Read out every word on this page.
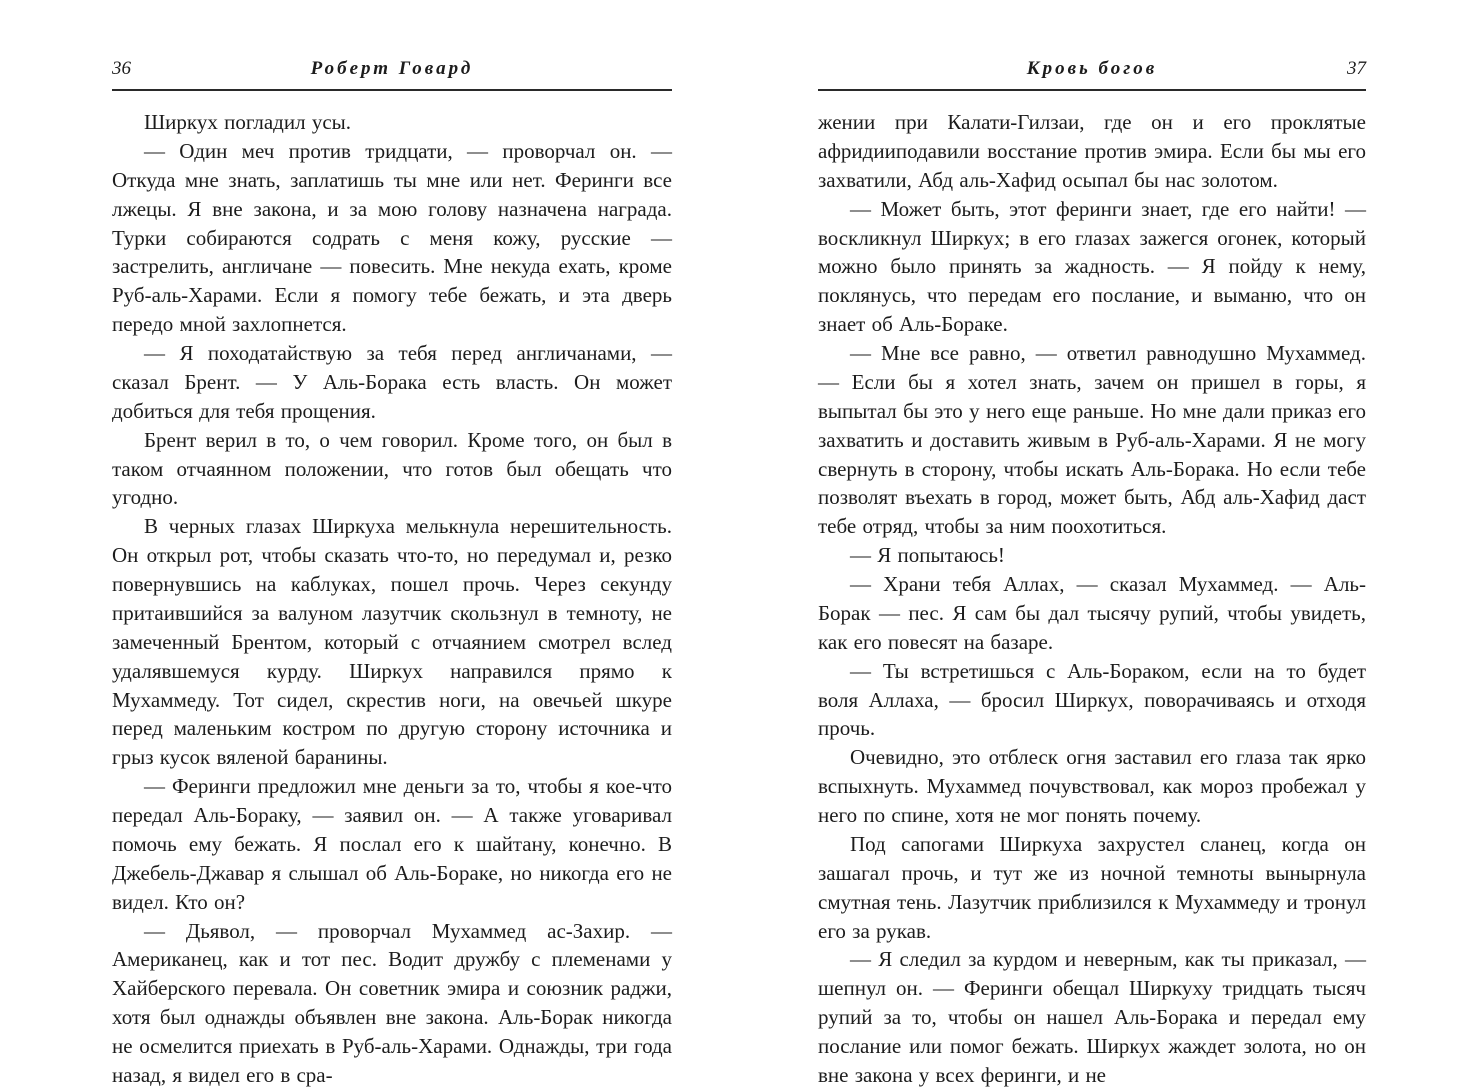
36	Роберт Говард

Ширкух погладил усы.

— Один меч против тридцати, — проворчал он. — Откуда мне знать, заплатишь ты мне или нет. Феринги все лжецы. Я вне закона, и за мою голову назначена награда. Турки собираются содрать с меня кожу, русские — застрелить, англичане — повесить. Мне некуда ехать, кроме Руб-аль-Харами. Если я помогу тебе бежать, и эта дверь передо мной захлопнется.

— Я походатайствую за тебя перед англичанами, — сказал Брент. — У Аль-Борака есть власть. Он может добиться для тебя прощения.

Брент верил в то, о чем говорил. Кроме того, он был в таком отчаянном положении, что готов был обещать что угодно.

В черных глазах Ширкуха мелькнула нерешительность. Он открыл рот, чтобы сказать что-то, но передумал и, резко повернувшись на каблуках, пошел прочь. Через секунду притаившийся за валуном лазутчик скользнул в темноту, не замеченный Брентом, который с отчаянием смотрел вслед удалявшемуся курду. Ширкух направился прямо к Мухаммеду. Тот сидел, скрестив ноги, на овечьей шкуре перед маленьким костром по другую сторону источника и грыз кусок вяленой баранины.

— Феринги предложил мне деньги за то, чтобы я кое-что передал Аль-Бораку, — заявил он. — А также уговаривал помочь ему бежать. Я послал его к шайтану, конечно. В Джебель-Джавар я слышал об Аль-Бораке, но никогда его не видел. Кто он?

— Дьявол, — проворчал Мухаммед ас-Захир. — Американец, как и тот пес. Водит дружбу с племенами у Хайберского перевала. Он советник эмира и союзник раджи, хотя был однажды объявлен вне закона. Аль-Борак никогда не осмелится приехать в Руб-аль-Харами. Однажды, три года назад, я видел его в сра-

Кровь богов	37

жении при Калати-Гилзаи, где он и его проклятые афридииподавили восстание против эмира. Если бы мы его захватили, Абд аль-Хафид осыпал бы нас золотом.

— Может быть, этот феринги знает, где его найти! — воскликнул Ширкух; в его глазах зажегся огонек, который можно было принять за жадность. — Я пойду к нему, поклянусь, что передам его послание, и выманю, что он знает об Аль-Бораке.

— Мне все равно, — ответил равнодушно Мухаммед. — Если бы я хотел знать, зачем он пришел в горы, я выпытал бы это у него еще раньше. Но мне дали приказ его захватить и доставить живым в Руб-аль-Харами. Я не могу свернуть в сторону, чтобы искать Аль-Борака. Но если тебе позволят въехать в город, может быть, Абд аль-Хафид даст тебе отряд, чтобы за ним поохотиться.

— Я попытаюсь!

— Храни тебя Аллах, — сказал Мухаммед. — Аль-Борак — пес. Я сам бы дал тысячу рупий, чтобы увидеть, как его повесят на базаре.

— Ты встретишься с Аль-Бораком, если на то будет воля Аллаха, — бросил Ширкух, поворачиваясь и отходя прочь.

Очевидно, это отблеск огня заставил его глаза так ярко вспыхнуть. Мухаммед почувствовал, как мороз пробежал у него по спине, хотя не мог понять почему.

Под сапогами Ширкуха захрустел сланец, когда он зашагал прочь, и тут же из ночной темноты вынырнула смутная тень. Лазутчик приблизился к Мухаммеду и тронул его за рукав.

— Я следил за курдом и неверным, как ты приказал, — шепнул он. — Феринги обещал Ширкуху тридцать тысяч рупий за то, чтобы он нашел Аль-Борака и передал ему послание или помог бежать. Ширкух жаждет золота, но он вне закона у всех феринги, и не
